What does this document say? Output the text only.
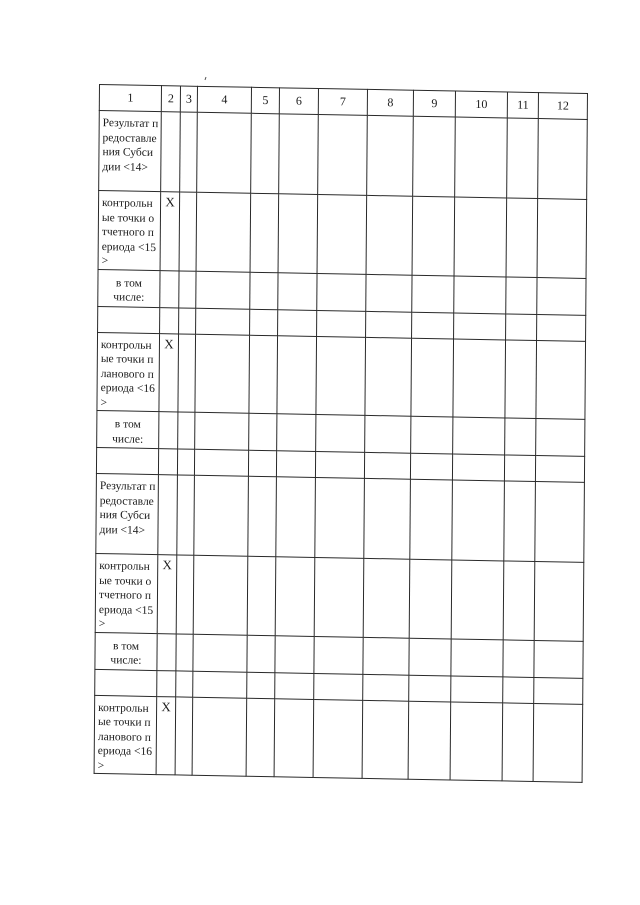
1	2	3	4	5	6	7	8	9	10	11	12
Результат предоставления Субсидии <14>											
контрольные точки отчетного периода <15>	X										
в том числе:											

контрольные точки планового периода <16>	X										
в том числе:											

Результат предоставления Субсидии <14>											
контрольные точки отчетного периода <15>	X										
в том числе:											

контрольные точки планового периода <16>	X										
